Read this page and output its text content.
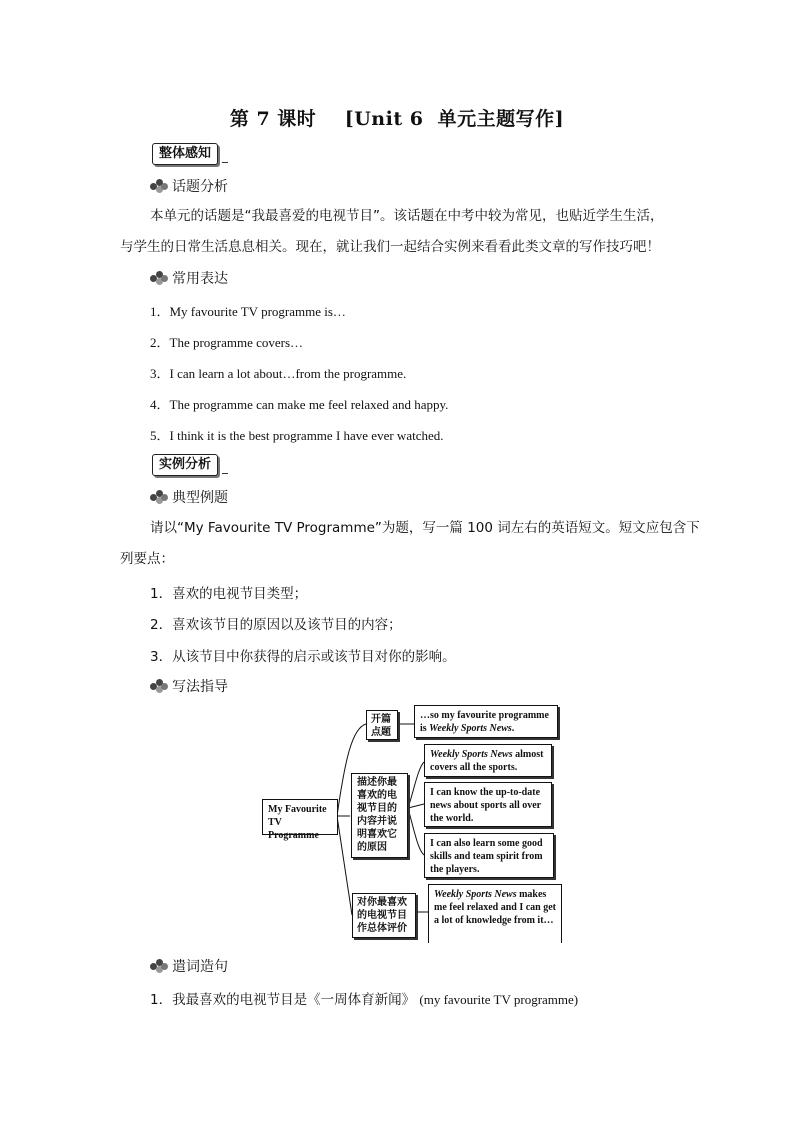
第 7 课时 [Unit 6  单元主题写作]
整体感知
话题分析
本单元的话题是“我最喜爱的电视节目”。该话题在中考中较为常见，也贴近学生生活，
与学生的日常生活息息相关。现在，就让我们一起结合实例来看看此类文章的写作技巧吧！
常用表达
1．My favourite TV programme is…
2．The programme covers…
3．I can learn a lot about…from the programme.
4．The programme can make me feel relaxed and happy.
5．I think it is the best programme I have ever watched.
实例分析
典型例题
请以“My Favourite TV Programme”为题，写一篇 100 词左右的英语短文。短文应包含下
列要点：
1．喜欢的电视节目类型；
2．喜欢该节目的原因以及该节目的内容；
3．从该节目中你获得的启示或该节目对你的影响。
写法指导
My Favourite TV Programme
开篇点题
描述你最喜欢的电视节目的内容并说明喜欢它的原因
对你最喜欢的电视节目作总体评价
…so my favourite programme
is Weekly Sports News.
Weekly Sports News almost covers all the sports.
I can know the up-to-date news about sports all over the world.
I can also learn some good skills and team spirit from the players.
Weekly Sports News makes me feel relaxed and I can get a lot of knowledge from it…
遣词造句
1．我最喜欢的电视节目是《一周体育新闻》 (my favourite TV programme)
